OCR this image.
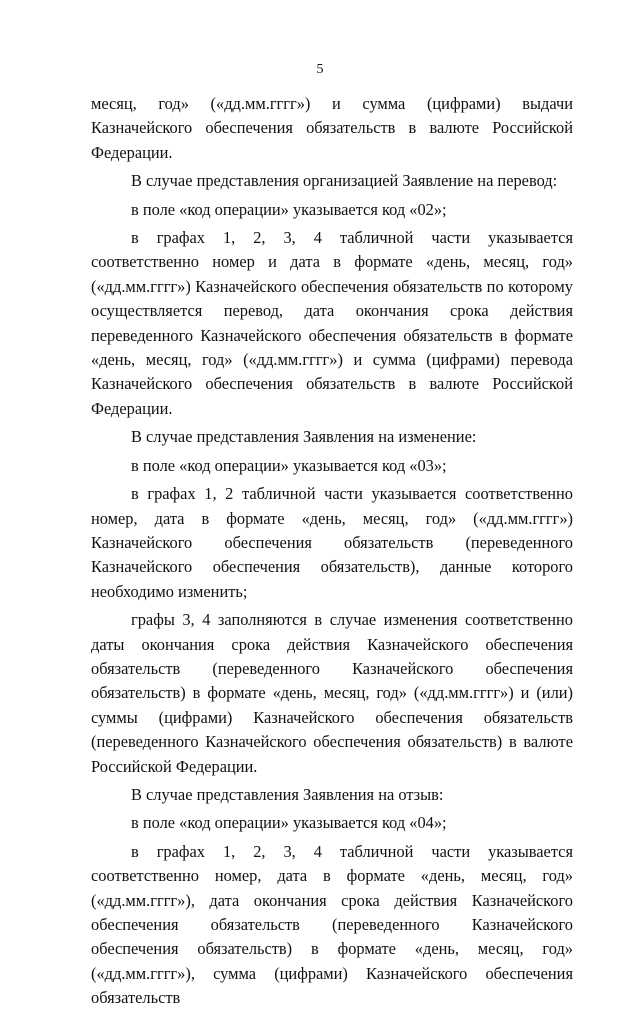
5

месяц, год» («дд.мм.гггг») и сумма (цифрами) выдачи Казначейского обеспечения обязательств в валюте Российской Федерации.

В случае представления организацией Заявление на перевод:

в поле «код операции» указывается код «02»;

в графах 1, 2, 3, 4 табличной части указывается соответственно номер и дата в формате «день, месяц, год» («дд.мм.гггг») Казначейского обеспечения обязательств по которому осуществляется перевод, дата окончания срока действия переведенного Казначейского обеспечения обязательств в формате «день, месяц, год» («дд.мм.гггг») и сумма (цифрами) перевода Казначейского обеспечения обязательств в валюте Российской Федерации.

В случае представления Заявления на изменение:

в поле «код операции» указывается код «03»;

в графах 1, 2 табличной части указывается соответственно номер, дата в формате «день, месяц, год» («дд.мм.гггг») Казначейского обеспечения обязательств (переведенного Казначейского обеспечения обязательств), данные которого необходимо изменить;

графы 3, 4 заполняются в случае изменения соответственно даты окончания срока действия Казначейского обеспечения обязательств (переведенного Казначейского обеспечения обязательств) в формате «день, месяц, год» («дд.мм.гггг») и (или) суммы (цифрами) Казначейского обеспечения обязательств (переведенного Казначейского обеспечения обязательств) в валюте Российской Федерации.

В случае представления Заявления на отзыв:

в поле «код операции» указывается код «04»;

в графах 1, 2, 3, 4 табличной части указывается соответственно номер, дата в формате «день, месяц, год» («дд.мм.гггг»), дата окончания срока действия Казначейского обеспечения обязательств (переведенного Казначейского обеспечения обязательств) в формате «день, месяц, год» («дд.мм.гггг»), сумма (цифрами) Казначейского обеспечения обязательств
